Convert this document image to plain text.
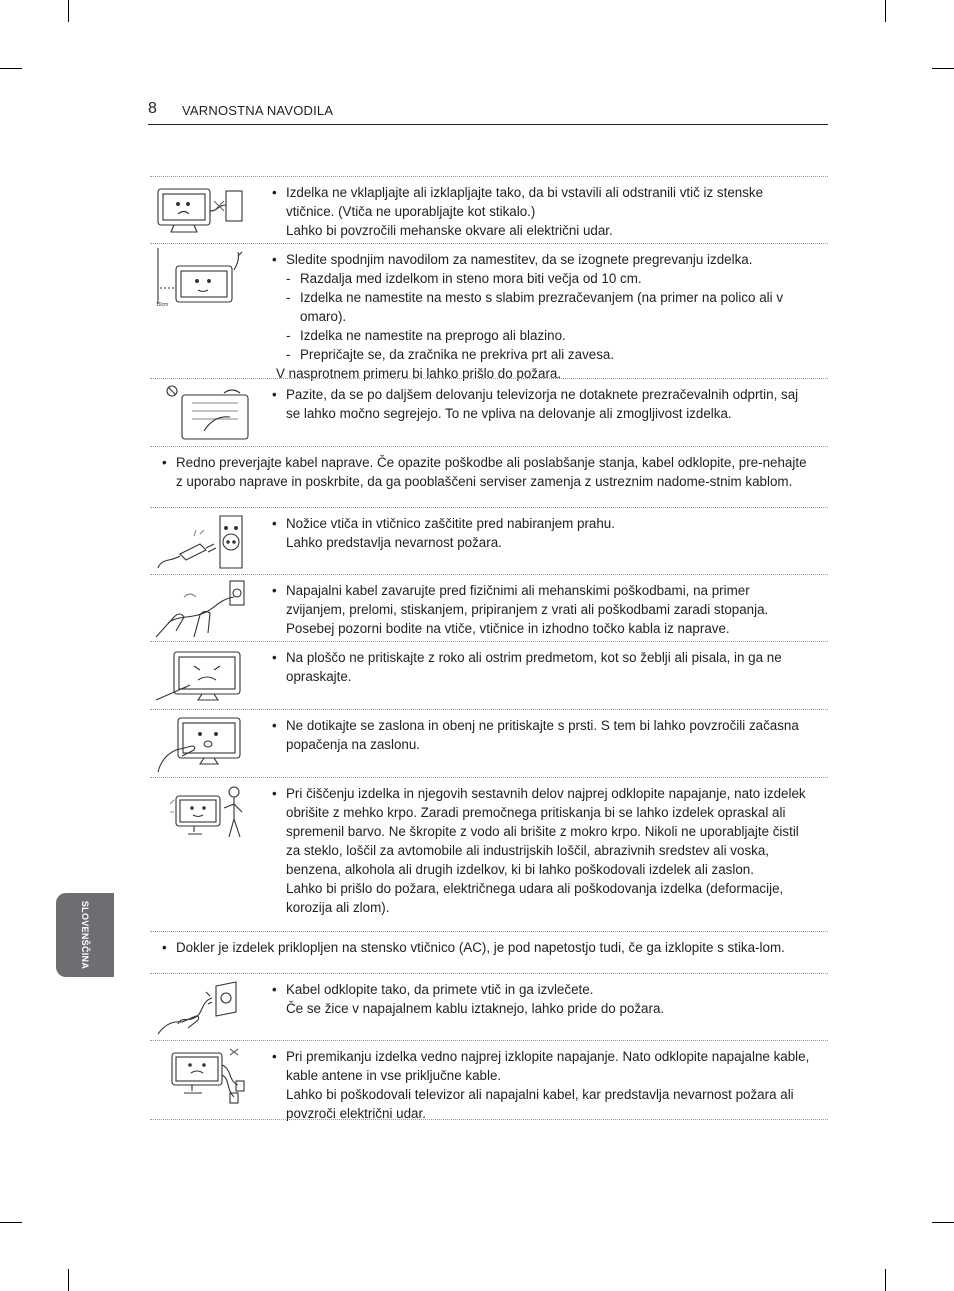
8 VARNOSTNA NAVODILA
SLOVENŠČINA
• Izdelka ne vklapljajte ali izklapljajte tako, da bi vstavili ali odstranili vtič iz stenske vtičnice. (Vtiča ne uporabljajte kot stikalo.)
Lahko bi povzročili mehanske okvare ali električni udar.
10cm
• Sledite spodnjim navodilom za namestitev, da se izognete pregrevanju izdelka.
- Razdalja med izdelkom in steno mora biti večja od 10 cm.
- Izdelka ne namestite na mesto s slabim prezračevanjem (na primer na polico ali v omaro).
- Izdelka ne namestite na preprogo ali blazino.
- Prepričajte se, da zračnika ne prekriva prt ali zavesa.
V nasprotnem primeru bi lahko prišlo do požara.
• Pazite, da se po daljšem delovanju televizorja ne dotaknete prezračevalnih odprtin, saj se lahko močno segrejejo. To ne vpliva na delovanje ali zmogljivost izdelka.
• Redno preverjajte kabel naprave. Če opazite poškodbe ali poslabšanje stanja, kabel odklopite, pre-nehajte z uporabo naprave in poskrbite, da ga pooblaščeni serviser zamenja z ustreznim nadome-stnim kablom.
• Nožice vtiča in vtičnico zaščitite pred nabiranjem prahu.
Lahko predstavlja nevarnost požara.
• Napajalni kabel zavarujte pred fizičnimi ali mehanskimi poškodbami, na primer zvijanjem, prelomi, stiskanjem, pripiranjem z vrati ali poškodbami zaradi stopanja. Posebej pozorni bodite na vtiče, vtičnice in izhodno točko kabla iz naprave.
• Na ploščo ne pritiskajte z roko ali ostrim predmetom, kot so žeblji ali pisala, in ga ne opraskajte.
• Ne dotikajte se zaslona in obenj ne pritiskajte s prsti. S tem bi lahko povzročili začasna popačenja na zaslonu.
• Pri čiščenju izdelka in njegovih sestavnih delov najprej odklopite napajanje, nato izdelek obrišite z mehko krpo. Zaradi premočnega pritiskanja bi se lahko izdelek opraskal ali spremenil barvo. Ne škropite z vodo ali brišite z mokro krpo. Nikoli ne uporabljajte čistil za steklo, loščil za avtomobile ali industrijskih loščil, abrazivnih sredstev ali voska, benzena, alkohola ali drugih izdelkov, ki bi lahko poškodovali izdelek ali zaslon.
Lahko bi prišlo do požara, električnega udara ali poškodovanja izdelka (deformacije, korozija ali zlom).
• Dokler je izdelek priklopljen na stensko vtičnico (AC), je pod napetostjo tudi, če ga izklopite s stika-lom.
• Kabel odklopite tako, da primete vtič in ga izvlečete.
Če se žice v napajalnem kablu iztaknejo, lahko pride do požara.
• Pri premikanju izdelka vedno najprej izklopite napajanje. Nato odklopite napajalne kable, kable antene in vse priključne kable.
Lahko bi poškodovali televizor ali napajalni kabel, kar predstavlja nevarnost požara ali povzroči električni udar.
